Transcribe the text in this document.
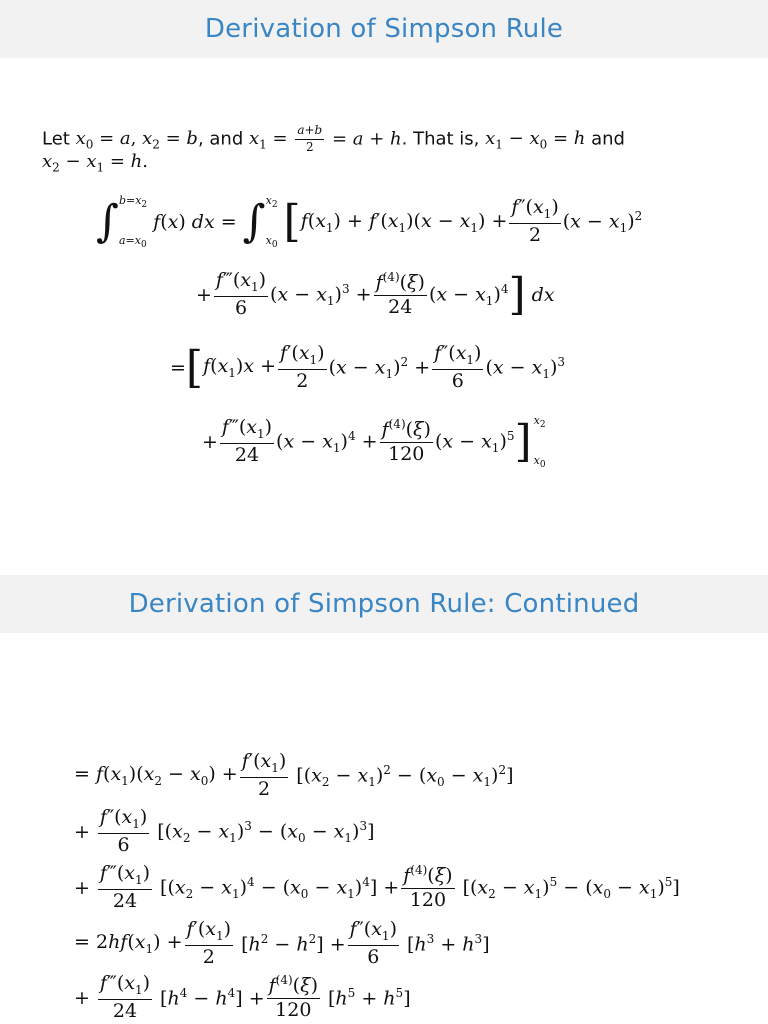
Derivation of Simpson Rule
Let $x_0 = a$, $x_2 = b$, and $x_1 = \frac{a+b}{2} = a + h$. That is, $x_1 - x_0 = h$ and
$x_2 - x_1 = h$.
∫ $b=x_2$
$a=x_0$
f(x) dx = ∫ $x_2$
$x_0$ [ $f(x_1) + f'(x_1)(x - x_1) + \frac{f''(x_1)}{2} (x - x_1)^2$
+ $\frac{f‴(x_1)}{6} (x - x_1)^3 + \frac{f^{(4)}(\xi)}{24} (x - x_1)^4$ ] dx
= [ $f(x_1)x + \frac{f'(x_1)}{2} (x - x_1)^2 + \frac{f''(x_1)}{6} (x - x_1)^3$
+ $\frac{f‴(x_1)}{24} (x - x_1)^4 + \frac{f^{(4)}(\xi)}{120} (x - x_1)^5$ ] $x_2$
$x_0$
Derivation of Simpson Rule: Continued
= $f(x_1)(x_2 - x_0) + \frac{f'(x_1)}{2} [(x_2 - x_1)^2 - (x_0 - x_1)^2]$
+ $\frac{f''(x_1)}{6} [(x_2 - x_1)^3 - (x_0 - x_1)^3]$
+ $\frac{f‴(x_1)}{24} [(x_2 - x_1)^4 - (x_0 - x_1)^4] + \frac{f^{(4)}(\xi)}{120} [(x_2 - x_1)^5 - (x_0 - x_1)^5]$
= $2hf(x_1) + \frac{f'(x_1)}{2} [h^2 - h^2] + \frac{f''(x_1)}{6} [h^3 + h^3]$
+ $\frac{f‴(x_1)}{24} [h^4 - h^4] + \frac{f^{(4)}(\xi)}{120} [h^5 + h^5]$
